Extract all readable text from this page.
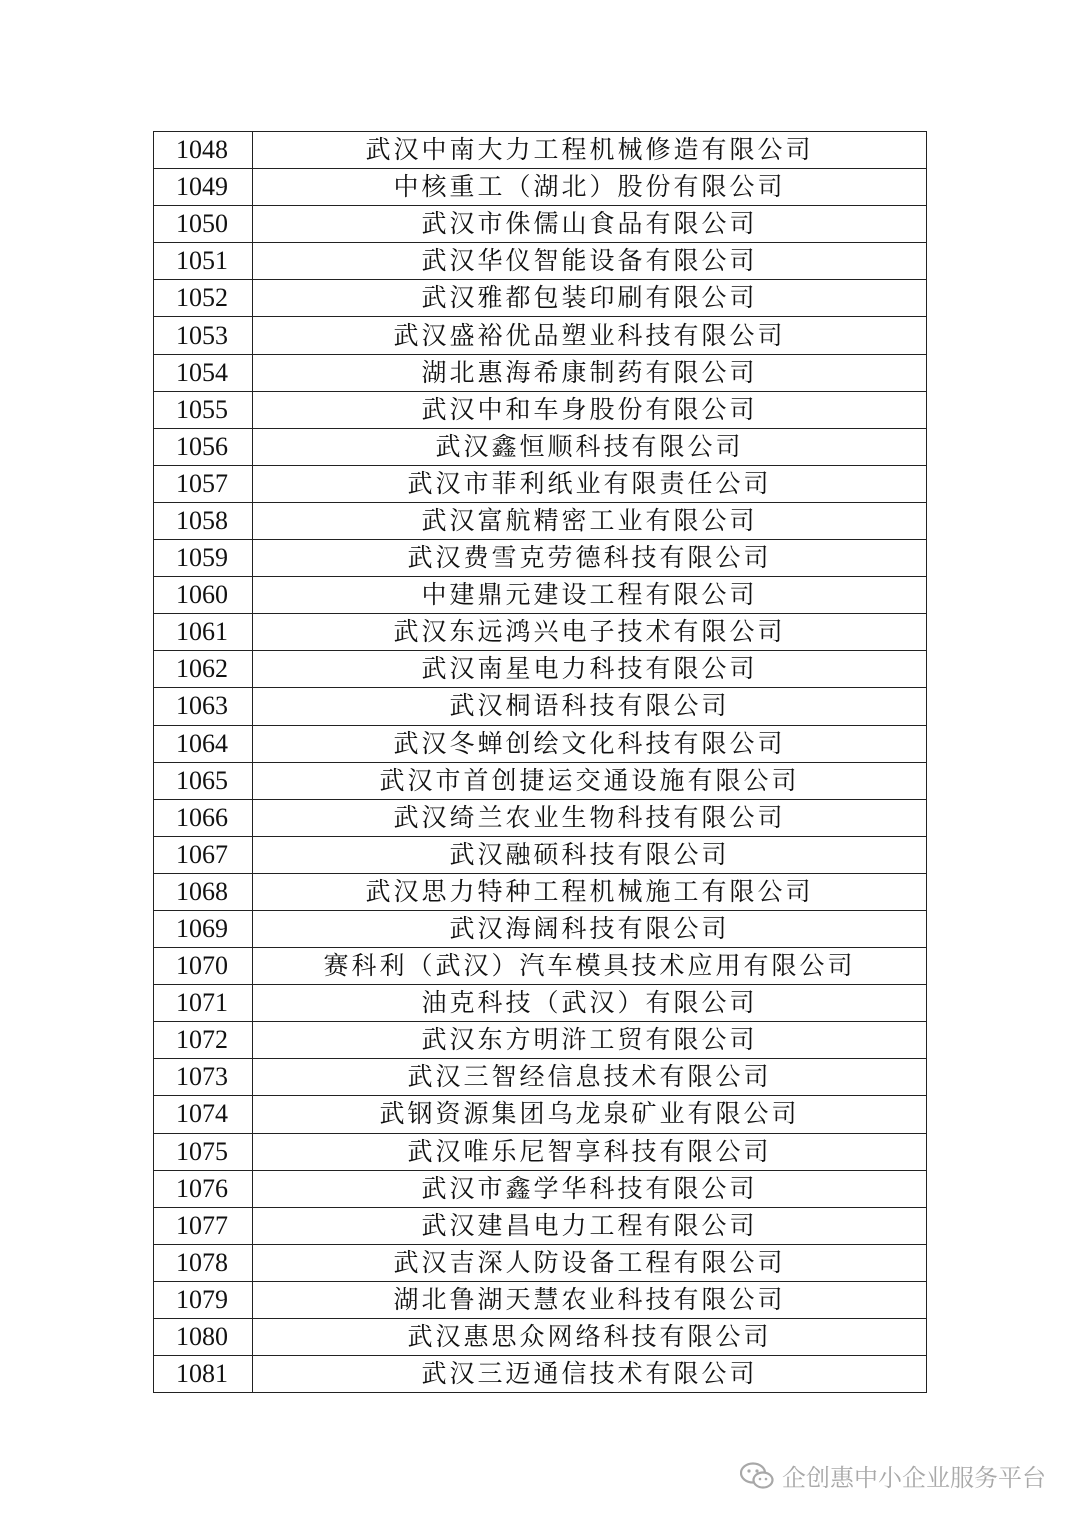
1048	武汉中南大力工程机械修造有限公司
1049	中核重工（湖北）股份有限公司
1050	武汉市侏儒山食品有限公司
1051	武汉华仪智能设备有限公司
1052	武汉雅都包装印刷有限公司
1053	武汉盛裕优品塑业科技有限公司
1054	湖北惠海希康制药有限公司
1055	武汉中和车身股份有限公司
1056	武汉鑫恒顺科技有限公司
1057	武汉市菲利纸业有限责任公司
1058	武汉富航精密工业有限公司
1059	武汉费雪克劳德科技有限公司
1060	中建鼎元建设工程有限公司
1061	武汉东远鸿兴电子技术有限公司
1062	武汉南星电力科技有限公司
1063	武汉桐语科技有限公司
1064	武汉冬蝉创绘文化科技有限公司
1065	武汉市首创捷运交通设施有限公司
1066	武汉绮兰农业生物科技有限公司
1067	武汉融硕科技有限公司
1068	武汉思力特种工程机械施工有限公司
1069	武汉海阔科技有限公司
1070	赛科利（武汉）汽车模具技术应用有限公司
1071	油克科技（武汉）有限公司
1072	武汉东方明浒工贸有限公司
1073	武汉三智经信息技术有限公司
1074	武钢资源集团乌龙泉矿业有限公司
1075	武汉唯乐尼智享科技有限公司
1076	武汉市鑫学华科技有限公司
1077	武汉建昌电力工程有限公司
1078	武汉吉深人防设备工程有限公司
1079	湖北鲁湖天慧农业科技有限公司
1080	武汉惠思众网络科技有限公司
1081	武汉三迈通信技术有限公司
企创惠中小企业服务平台
